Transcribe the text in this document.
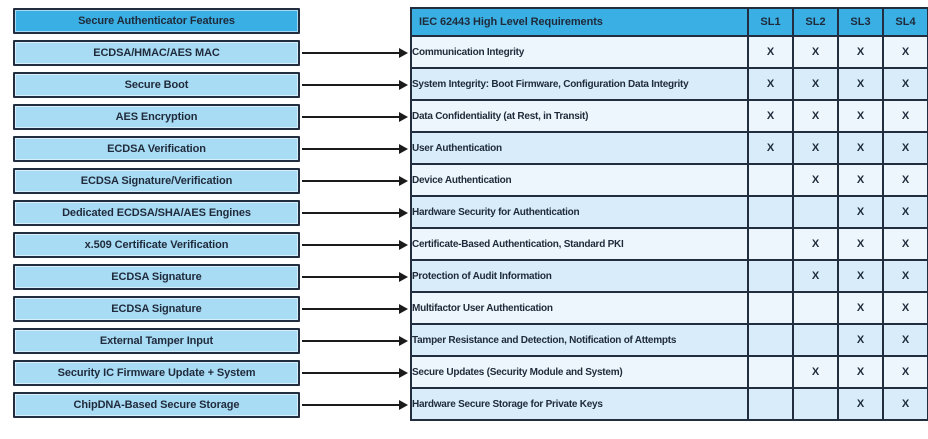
Secure Authenticator Features
ECDSA/HMAC/AES MAC
Secure Boot
AES Encryption
ECDSA Verification
ECDSA Signature/Verification
Dedicated ECDSA/SHA/AES Engines
x.509 Certificate Verification
ECDSA Signature
ECDSA Signature
External Tamper Input
Security IC Firmware Update + System
ChipDNA-Based Secure Storage
IEC 62443 High Level Requirements	SL1	SL2	SL3	SL4
Communication Integrity	X	X	X	X
System Integrity: Boot Firmware, Configuration Data Integrity	X	X	X	X
Data Confidentiality (at Rest, in Transit)	X	X	X	X
User Authentication	X	X	X	X
Device Authentication		X	X	X
Hardware Security for Authentication			X	X
Certificate-Based Authentication, Standard PKI		X	X	X
Protection of Audit Information		X	X	X
Multifactor User Authentication			X	X
Tamper Resistance and Detection, Notification of Attempts			X	X
Secure Updates (Security Module and System)		X	X	X
Hardware Secure Storage for Private Keys			X	X
